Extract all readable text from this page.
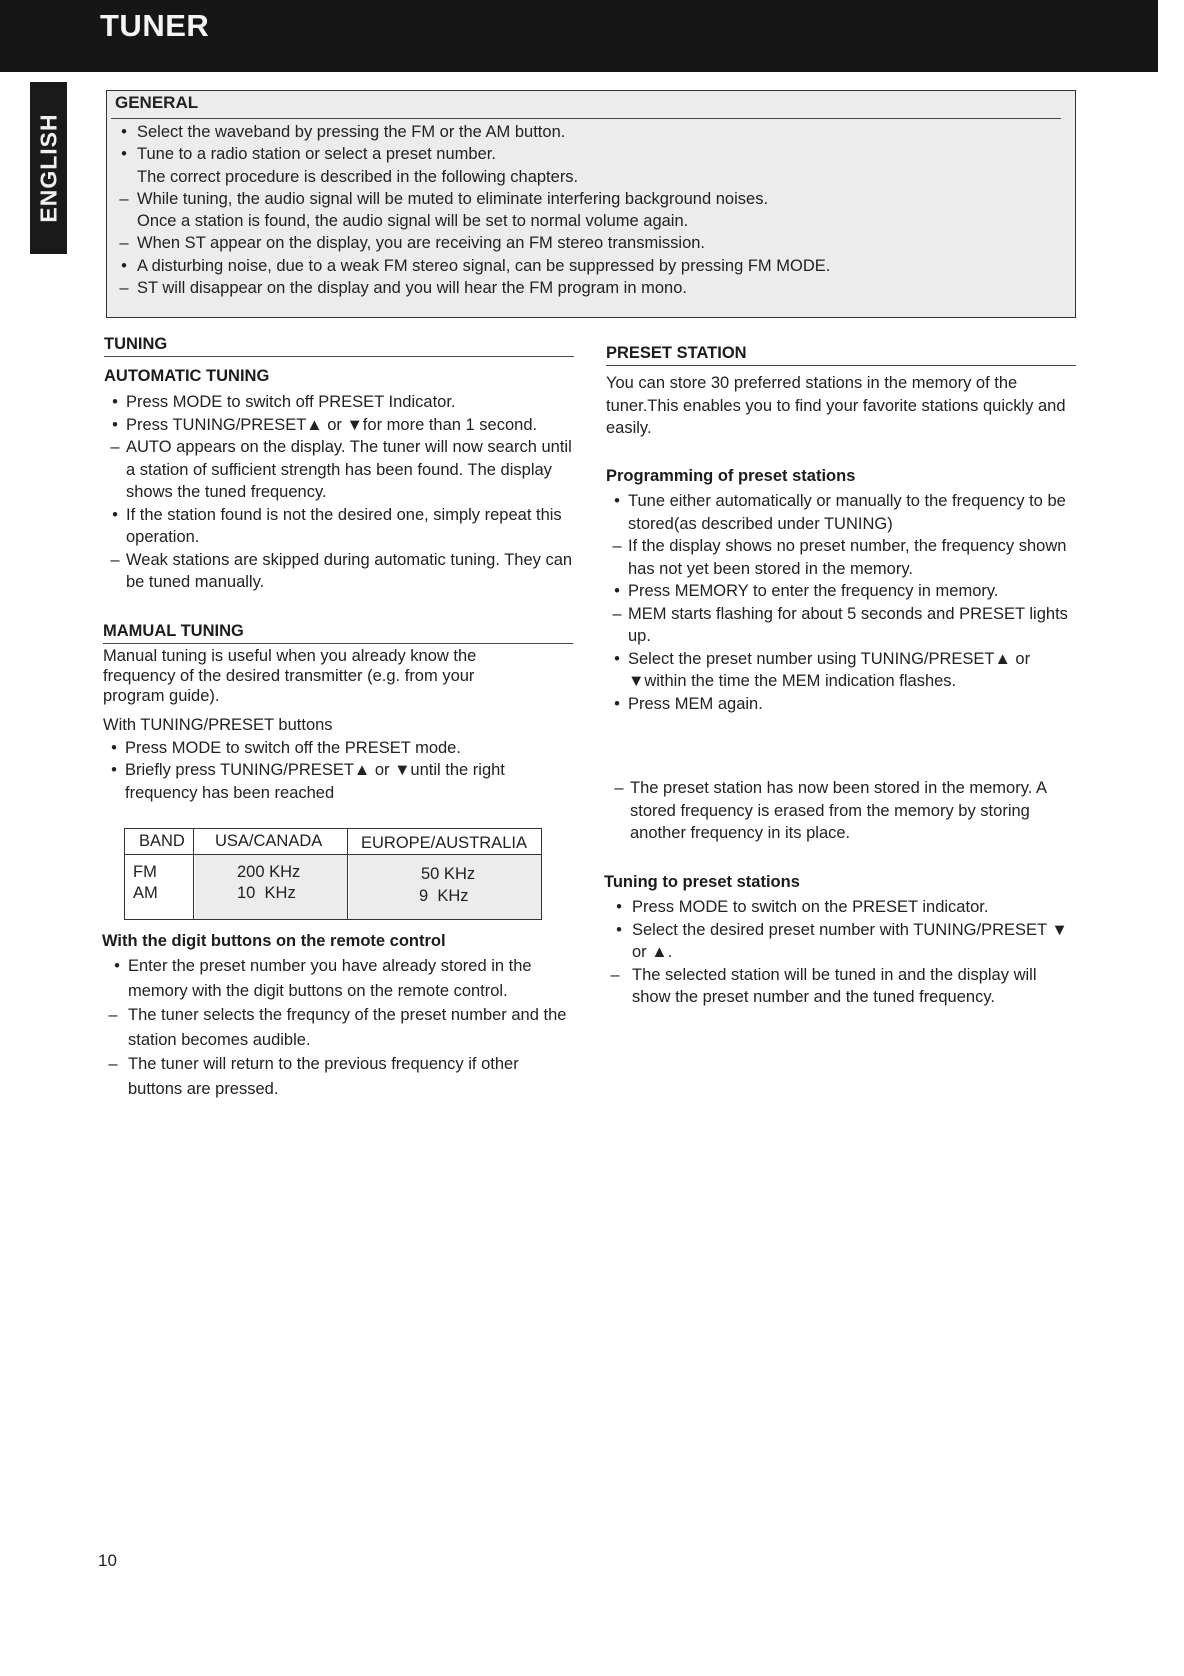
TUNER
ENGLISH
GENERAL
• Select the waveband by pressing the FM or the AM button.
• Tune to a radio station or select a preset number.
The correct procedure is described in the following chapters.
– While tuning, the audio signal will be muted to eliminate interfering background noises.
Once a station is found, the audio signal will be set to normal volume again.
– When ST appear on the display, you are receiving an FM stereo transmission.
• A disturbing noise, due to a weak FM stereo signal, can be suppressed by pressing FM MODE.
– ST will disappear on the display and you will hear the FM program in mono.
TUNING
AUTOMATIC TUNING

• Press MODE to switch off PRESET Indicator.

• Press TUNING/PRESET▲ or ▼for more than 1 second.

– AUTO appears on the display. The tuner will now search until a station of sufficient strength has been found. The display shows the tuned frequency.

• If the station found is not the desired one, simply repeat this operation.

– Weak stations are skipped during automatic tuning. They can be tuned manually.

MAMUAL TUNING

Manual tuning is useful when you already know the frequency of the desired transmitter (e.g. from your program guide).

With TUNING/PRESET buttons

• Press MODE to switch off the PRESET mode.

• Briefly press TUNING/PRESET▲ or ▼until the right frequency has been reached

BAND USA/CANADA EUROPE/AUSTRALIA
FM	200 KHz	50 KHz
AM	10  KHz	9  KHz
With the digit buttons on the remote control

• Enter the preset number you have already stored in the memory with the digit buttons on the remote control.

– The tuner selects the frequncy of the preset number and the station becomes audible.

– The tuner will return to the previous frequency if other buttons are pressed.

PRESET STATION

You can store 30 preferred stations in the memory of the tuner.This enables you to find your favorite stations quickly and easily.

Programming of preset stations

• Tune either automatically or manually to the frequency to be stored(as described under TUNING)

– If the display shows no preset number, the frequency shown has not yet been stored in the memory.

• Press MEMORY to enter the frequency in memory.

– MEM starts flashing for about 5 seconds and PRESET lights up.

• Select the preset number using TUNING/PRESET▲ or ▼within the time the MEM indication flashes.

• Press MEM again.

– The preset station has now been stored in the memory. A stored frequency is erased from the memory by storing another frequency in its place.

Tuning to preset stations

• Press MODE to switch on the PRESET indicator.

• Select the desired preset number with TUNING/PRESET ▼ or ▲.

– The selected station will be tuned in and the display will show the preset number and the tuned frequency.

10
